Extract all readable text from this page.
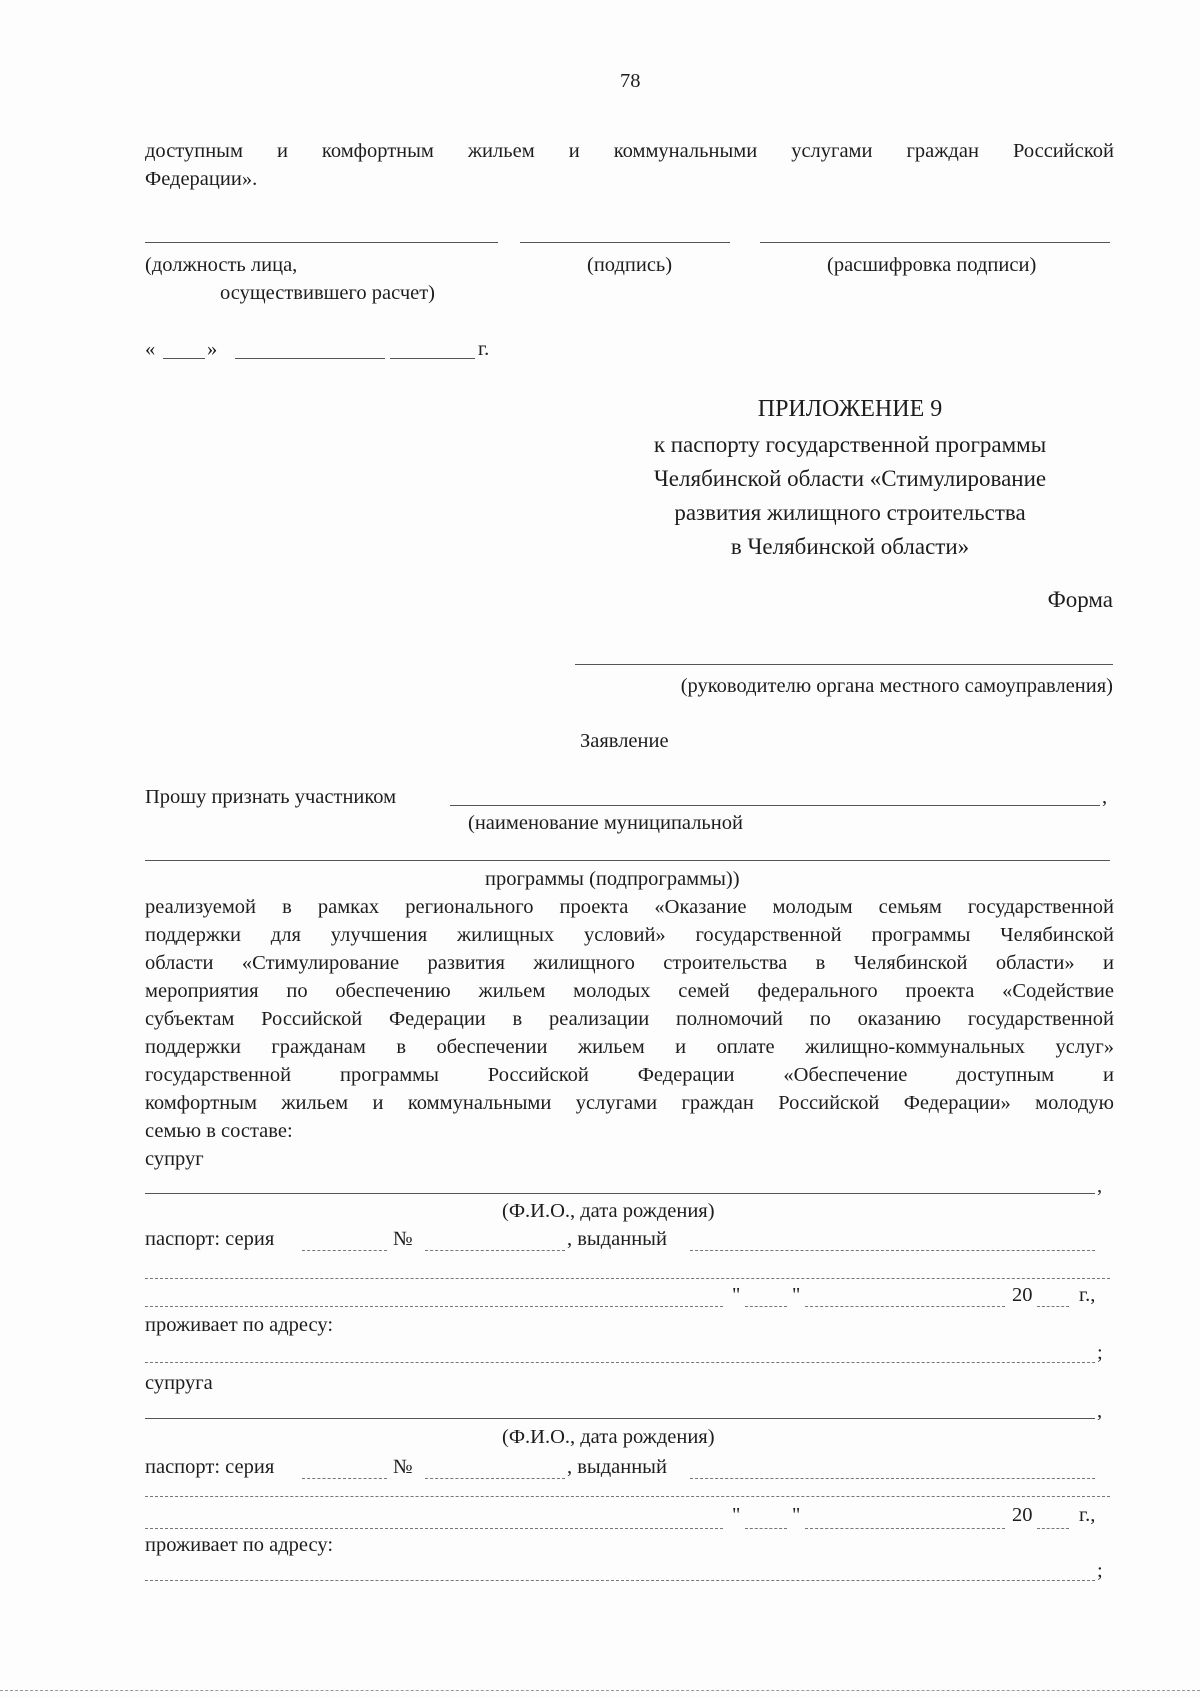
78
доступным и комфортным жильем и коммунальными услугами граждан Российской
Федерации».
(должность лица,
осуществившего расчет)
(подпись)	(расшифровка подписи)
«	»	г.
ПРИЛОЖЕНИЕ 9
к паспорту государственной программы
Челябинской области «Стимулирование
развития жилищного строительства
в Челябинской области»
Форма
(руководителю органа местного самоуправления)
Заявление
Прошу признать участником	,
(наименование муниципальной
программы (подпрограммы))
реализуемой в рамках регионального проекта «Оказание молодым семьям государственной
поддержки для улучшения жилищных условий» государственной программы Челябинской
области «Стимулирование развития жилищного строительства в Челябинской области» и
мероприятия по обеспечению жильем молодых семей федерального проекта «Содействие
субъектам Российской Федерации в реализации полномочий по оказанию государственной
поддержки гражданам в обеспечении жильем и оплате жилищно-коммунальных услуг»
государственной программы Российской Федерации «Обеспечение доступным и
комфортным жильем и коммунальными услугами граждан Российской Федерации» молодую
семью в составе:
супруг
,
(Ф.И.О., дата рождения)
паспорт: серия	№	, выданный
"	"	20 г.,
проживает по адресу:
;
супруга
,
(Ф.И.О., дата рождения)
паспорт: серия	№	, выданный
"	"	20 г.,
проживает по адресу:
;
